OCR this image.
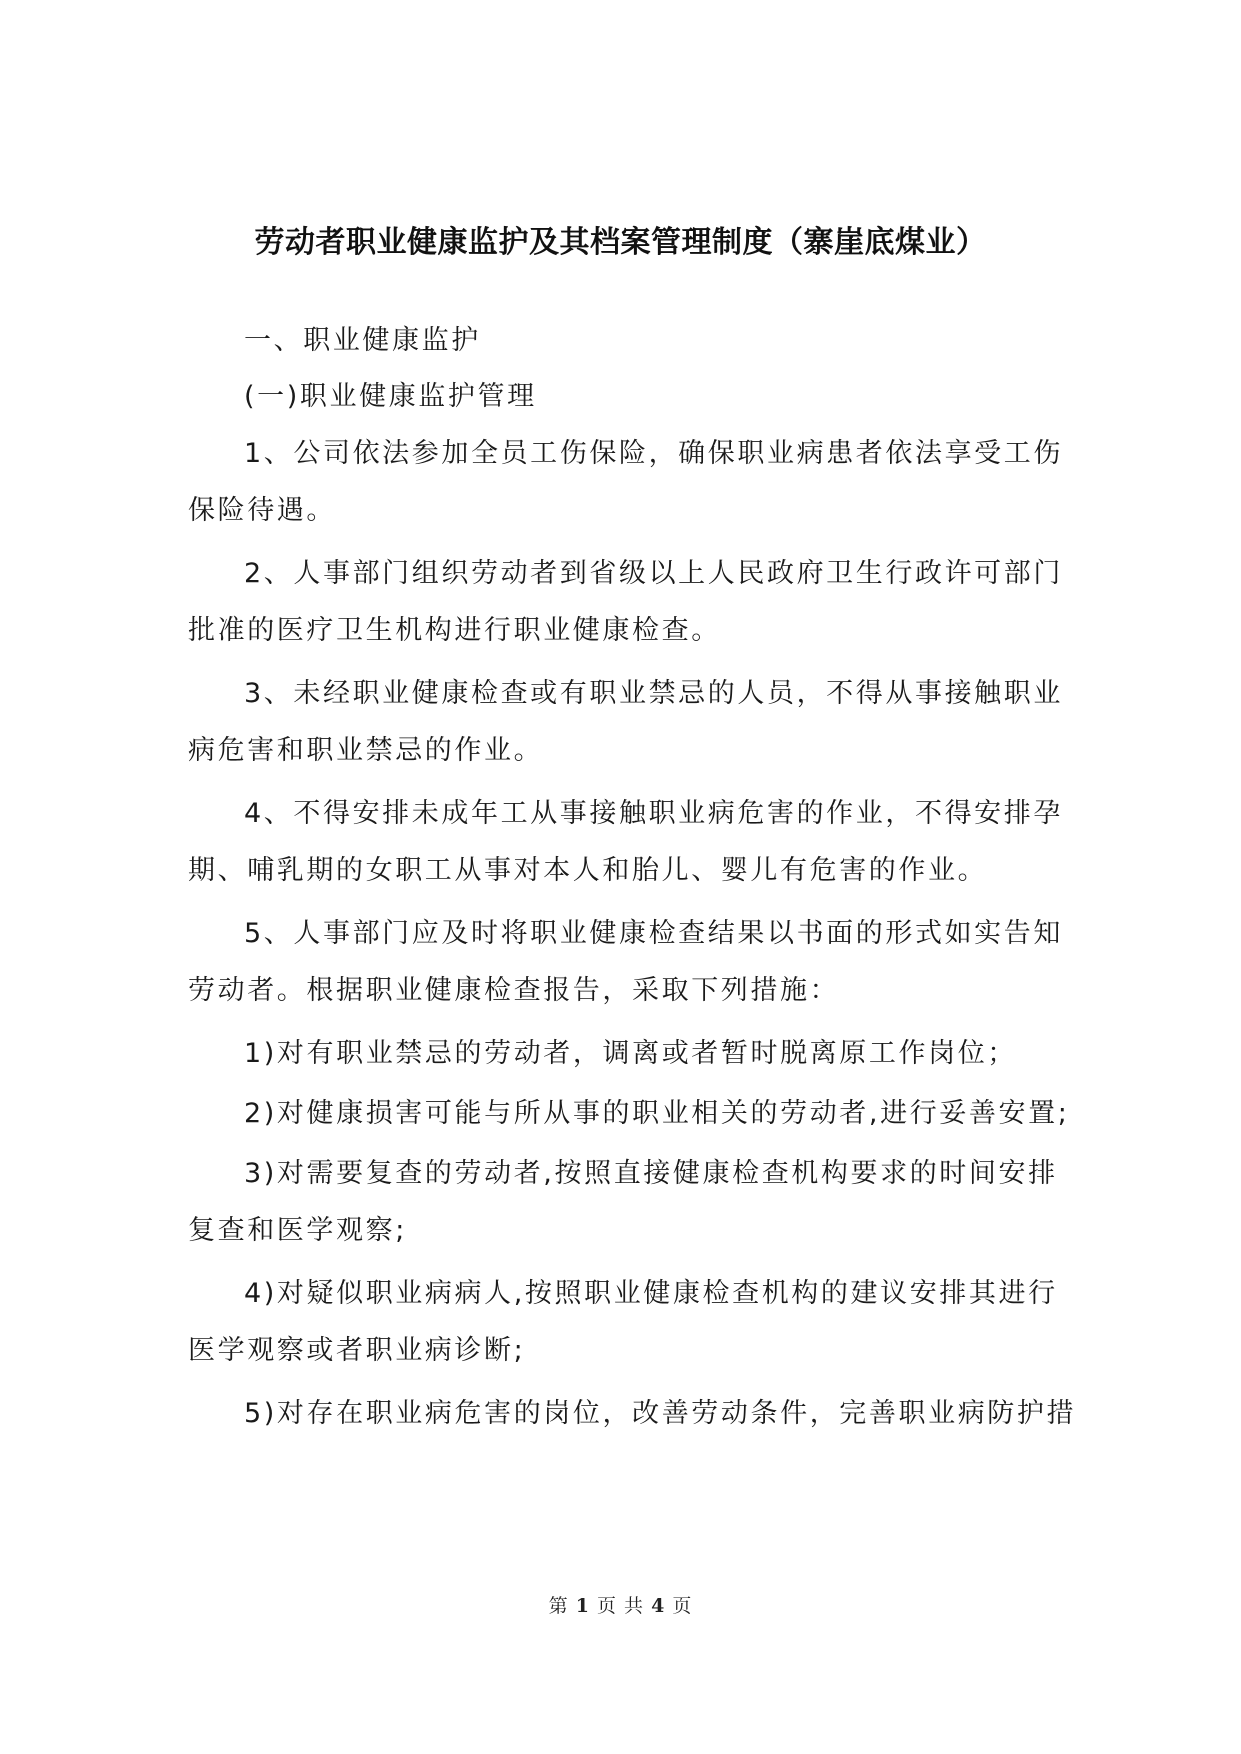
劳动者职业健康监护及其档案管理制度（寨崖底煤业）
一、职业健康监护
(一)职业健康监护管理
1、公司依法参加全员工伤保险，确保职业病患者依法享受工伤
保险待遇。
2、人事部门组织劳动者到省级以上人民政府卫生行政许可部门
批准的医疗卫生机构进行职业健康检查。
3、未经职业健康检查或有职业禁忌的人员，不得从事接触职业
病危害和职业禁忌的作业。
4、不得安排未成年工从事接触职业病危害的作业，不得安排孕
期、哺乳期的女职工从事对本人和胎儿、婴儿有危害的作业。
5、人事部门应及时将职业健康检查结果以书面的形式如实告知
劳动者。根据职业健康检查报告，采取下列措施：
1)对有职业禁忌的劳动者，调离或者暂时脱离原工作岗位；
2)对健康损害可能与所从事的职业相关的劳动者,进行妥善安置;
3)对需要复查的劳动者,按照直接健康检查机构要求的时间安排
复查和医学观察;
4)对疑似职业病病人,按照职业健康检查机构的建议安排其进行
医学观察或者职业病诊断;
5)对存在职业病危害的岗位，改善劳动条件，完善职业病防护措
第 1 页 共 4 页
